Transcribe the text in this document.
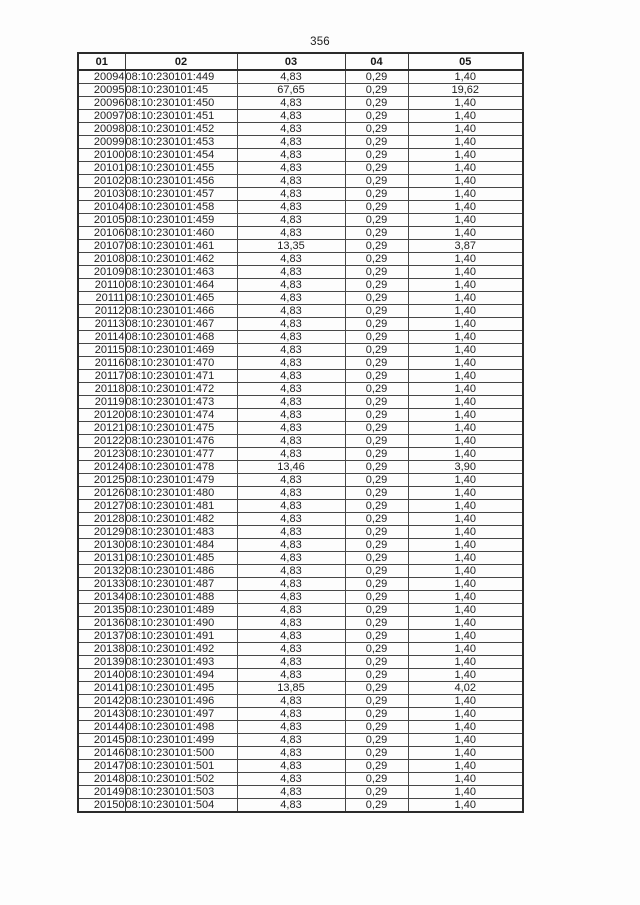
356
01	02	03	04	05
20094	08:10:230101:449	4,83	0,29	1,40
20095	08:10:230101:45	67,65	0,29	19,62
20096	08:10:230101:450	4,83	0,29	1,40
20097	08:10:230101:451	4,83	0,29	1,40
20098	08:10:230101:452	4,83	0,29	1,40
20099	08:10:230101:453	4,83	0,29	1,40
20100	08:10:230101:454	4,83	0,29	1,40
20101	08:10:230101:455	4,83	0,29	1,40
20102	08:10:230101:456	4,83	0,29	1,40
20103	08:10:230101:457	4,83	0,29	1,40
20104	08:10:230101:458	4,83	0,29	1,40
20105	08:10:230101:459	4,83	0,29	1,40
20106	08:10:230101:460	4,83	0,29	1,40
20107	08:10:230101:461	13,35	0,29	3,87
20108	08:10:230101:462	4,83	0,29	1,40
20109	08:10:230101:463	4,83	0,29	1,40
20110	08:10:230101:464	4,83	0,29	1,40
20111	08:10:230101:465	4,83	0,29	1,40
20112	08:10:230101:466	4,83	0,29	1,40
20113	08:10:230101:467	4,83	0,29	1,40
20114	08:10:230101:468	4,83	0,29	1,40
20115	08:10:230101:469	4,83	0,29	1,40
20116	08:10:230101:470	4,83	0,29	1,40
20117	08:10:230101:471	4,83	0,29	1,40
20118	08:10:230101:472	4,83	0,29	1,40
20119	08:10:230101:473	4,83	0,29	1,40
20120	08:10:230101:474	4,83	0,29	1,40
20121	08:10:230101:475	4,83	0,29	1,40
20122	08:10:230101:476	4,83	0,29	1,40
20123	08:10:230101:477	4,83	0,29	1,40
20124	08:10:230101:478	13,46	0,29	3,90
20125	08:10:230101:479	4,83	0,29	1,40
20126	08:10:230101:480	4,83	0,29	1,40
20127	08:10:230101:481	4,83	0,29	1,40
20128	08:10:230101:482	4,83	0,29	1,40
20129	08:10:230101:483	4,83	0,29	1,40
20130	08:10:230101:484	4,83	0,29	1,40
20131	08:10:230101:485	4,83	0,29	1,40
20132	08:10:230101:486	4,83	0,29	1,40
20133	08:10:230101:487	4,83	0,29	1,40
20134	08:10:230101:488	4,83	0,29	1,40
20135	08:10:230101:489	4,83	0,29	1,40
20136	08:10:230101:490	4,83	0,29	1,40
20137	08:10:230101:491	4,83	0,29	1,40
20138	08:10:230101:492	4,83	0,29	1,40
20139	08:10:230101:493	4,83	0,29	1,40
20140	08:10:230101:494	4,83	0,29	1,40
20141	08:10:230101:495	13,85	0,29	4,02
20142	08:10:230101:496	4,83	0,29	1,40
20143	08:10:230101:497	4,83	0,29	1,40
20144	08:10:230101:498	4,83	0,29	1,40
20145	08:10:230101:499	4,83	0,29	1,40
20146	08:10:230101:500	4,83	0,29	1,40
20147	08:10:230101:501	4,83	0,29	1,40
20148	08:10:230101:502	4,83	0,29	1,40
20149	08:10:230101:503	4,83	0,29	1,40
20150	08:10:230101:504	4,83	0,29	1,40
